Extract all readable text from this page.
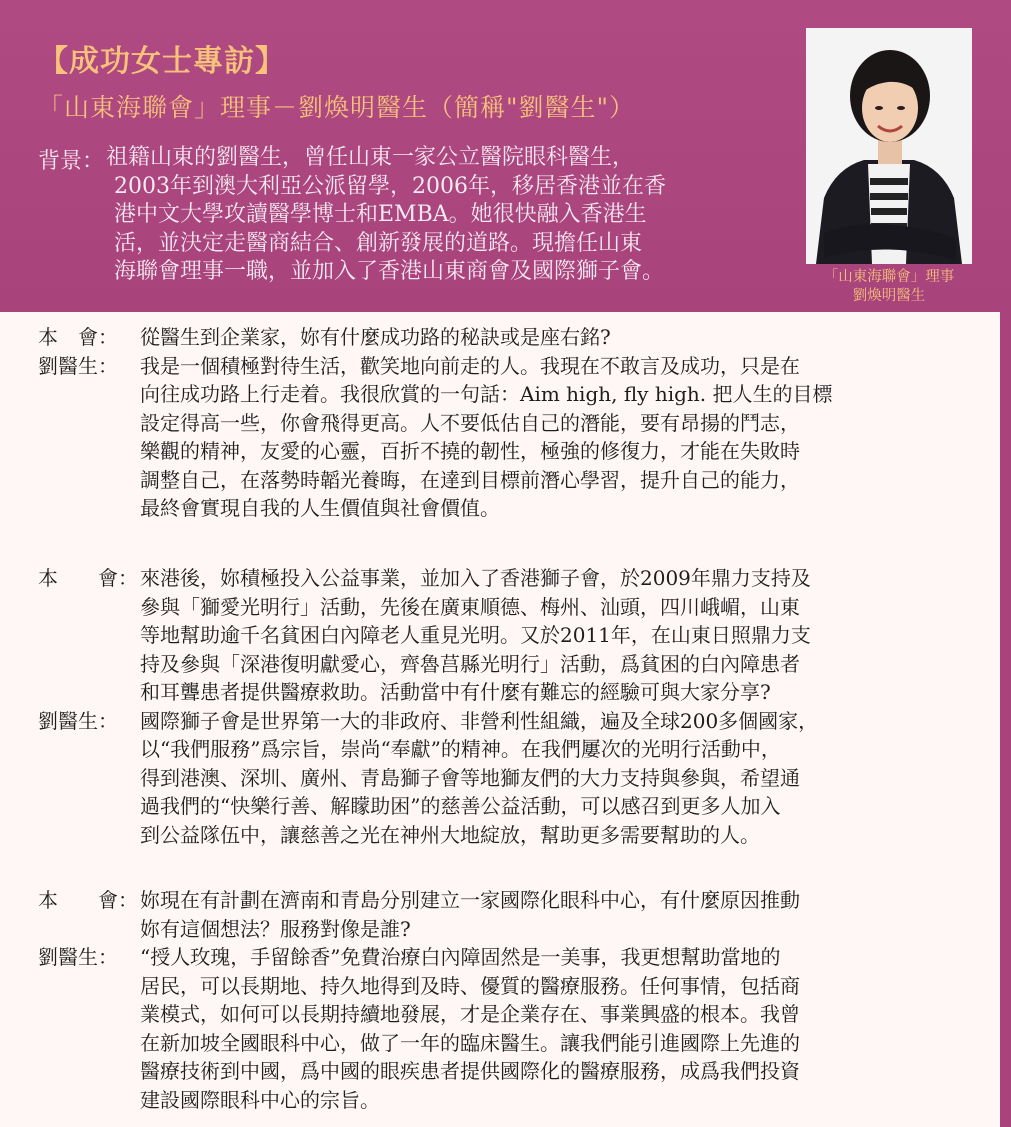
【成功女士專訪】
「山東海聯會」理事－劉煥明醫生（簡稱"劉醫生"）
背景： 祖籍山東的劉醫生，曾任山東一家公立醫院眼科醫生，
2003年到澳大利亞公派留學，2006年，移居香港並在香
港中文大學攻讀醫學博士和EMBA。她很快融入香港生
活，並決定走醫商結合、創新發展的道路。現擔任山東
海聯會理事一職，並加入了香港山東商會及國際獅子會。	「山東海聯會」理事
劉煥明醫生
本　會：	從醫生到企業家，妳有什麼成功路的秘訣或是座右銘?
劉醫生：	我是一個積極對待生活，歡笑地向前走的人。我現在不敢言及成功，只是在
向往成功路上行走着。我很欣賞的一句話：Aim high, fly high. 把人生的目標
設定得高一些，你會飛得更高。人不要低估自己的潛能，要有昂揚的鬥志，
樂觀的精神，友愛的心靈，百折不撓的韌性，極強的修復力，才能在失敗時
調整自己，在落勢時韜光養晦，在達到目標前潛心學習，提升自己的能力，
最終會實現自我的人生價值與社會價值。
本　　會： 來港後，妳積極投入公益事業，並加入了香港獅子會，於2009年鼎力支持及
參與「獅愛光明行」活動，先後在廣東順德、梅州、汕頭，四川峨嵋，山東
等地幫助逾千名貧困白內障老人重見光明。又於2011年，在山東日照鼎力支
持及參與「深港復明獻愛心，齊魯莒縣光明行」活動，爲貧困的白內障患者
和耳聾患者提供醫療救助。活動當中有什麼有難忘的經驗可與大家分享?
劉醫生：	國際獅子會是世界第一大的非政府、非營利性組織，遍及全球200多個國家，
以“我們服務”爲宗旨，崇尚“奉獻”的精神。在我們屢次的光明行活動中，
得到港澳、深圳、廣州、青島獅子會等地獅友們的大力支持與參與，希望通
過我們的“快樂行善、解矇助困”的慈善公益活動，可以感召到更多人加入
到公益隊伍中，讓慈善之光在神州大地綻放，幫助更多需要幫助的人。
本　　會： 妳現在有計劃在濟南和青島分別建立一家國際化眼科中心，有什麼原因推動
妳有這個想法？服務對像是誰?
劉醫生：	“授人玫瑰，手留餘香”免費治療白內障固然是一美事，我更想幫助當地的
居民，可以長期地、持久地得到及時、優質的醫療服務。任何事情，包括商
業模式，如何可以長期持續地發展，才是企業存在、事業興盛的根本。我曾
在新加坡全國眼科中心，做了一年的臨床醫生。讓我們能引進國際上先進的
醫療技術到中國，爲中國的眼疾患者提供國際化的醫療服務，成爲我們投資
建設國際眼科中心的宗旨。
